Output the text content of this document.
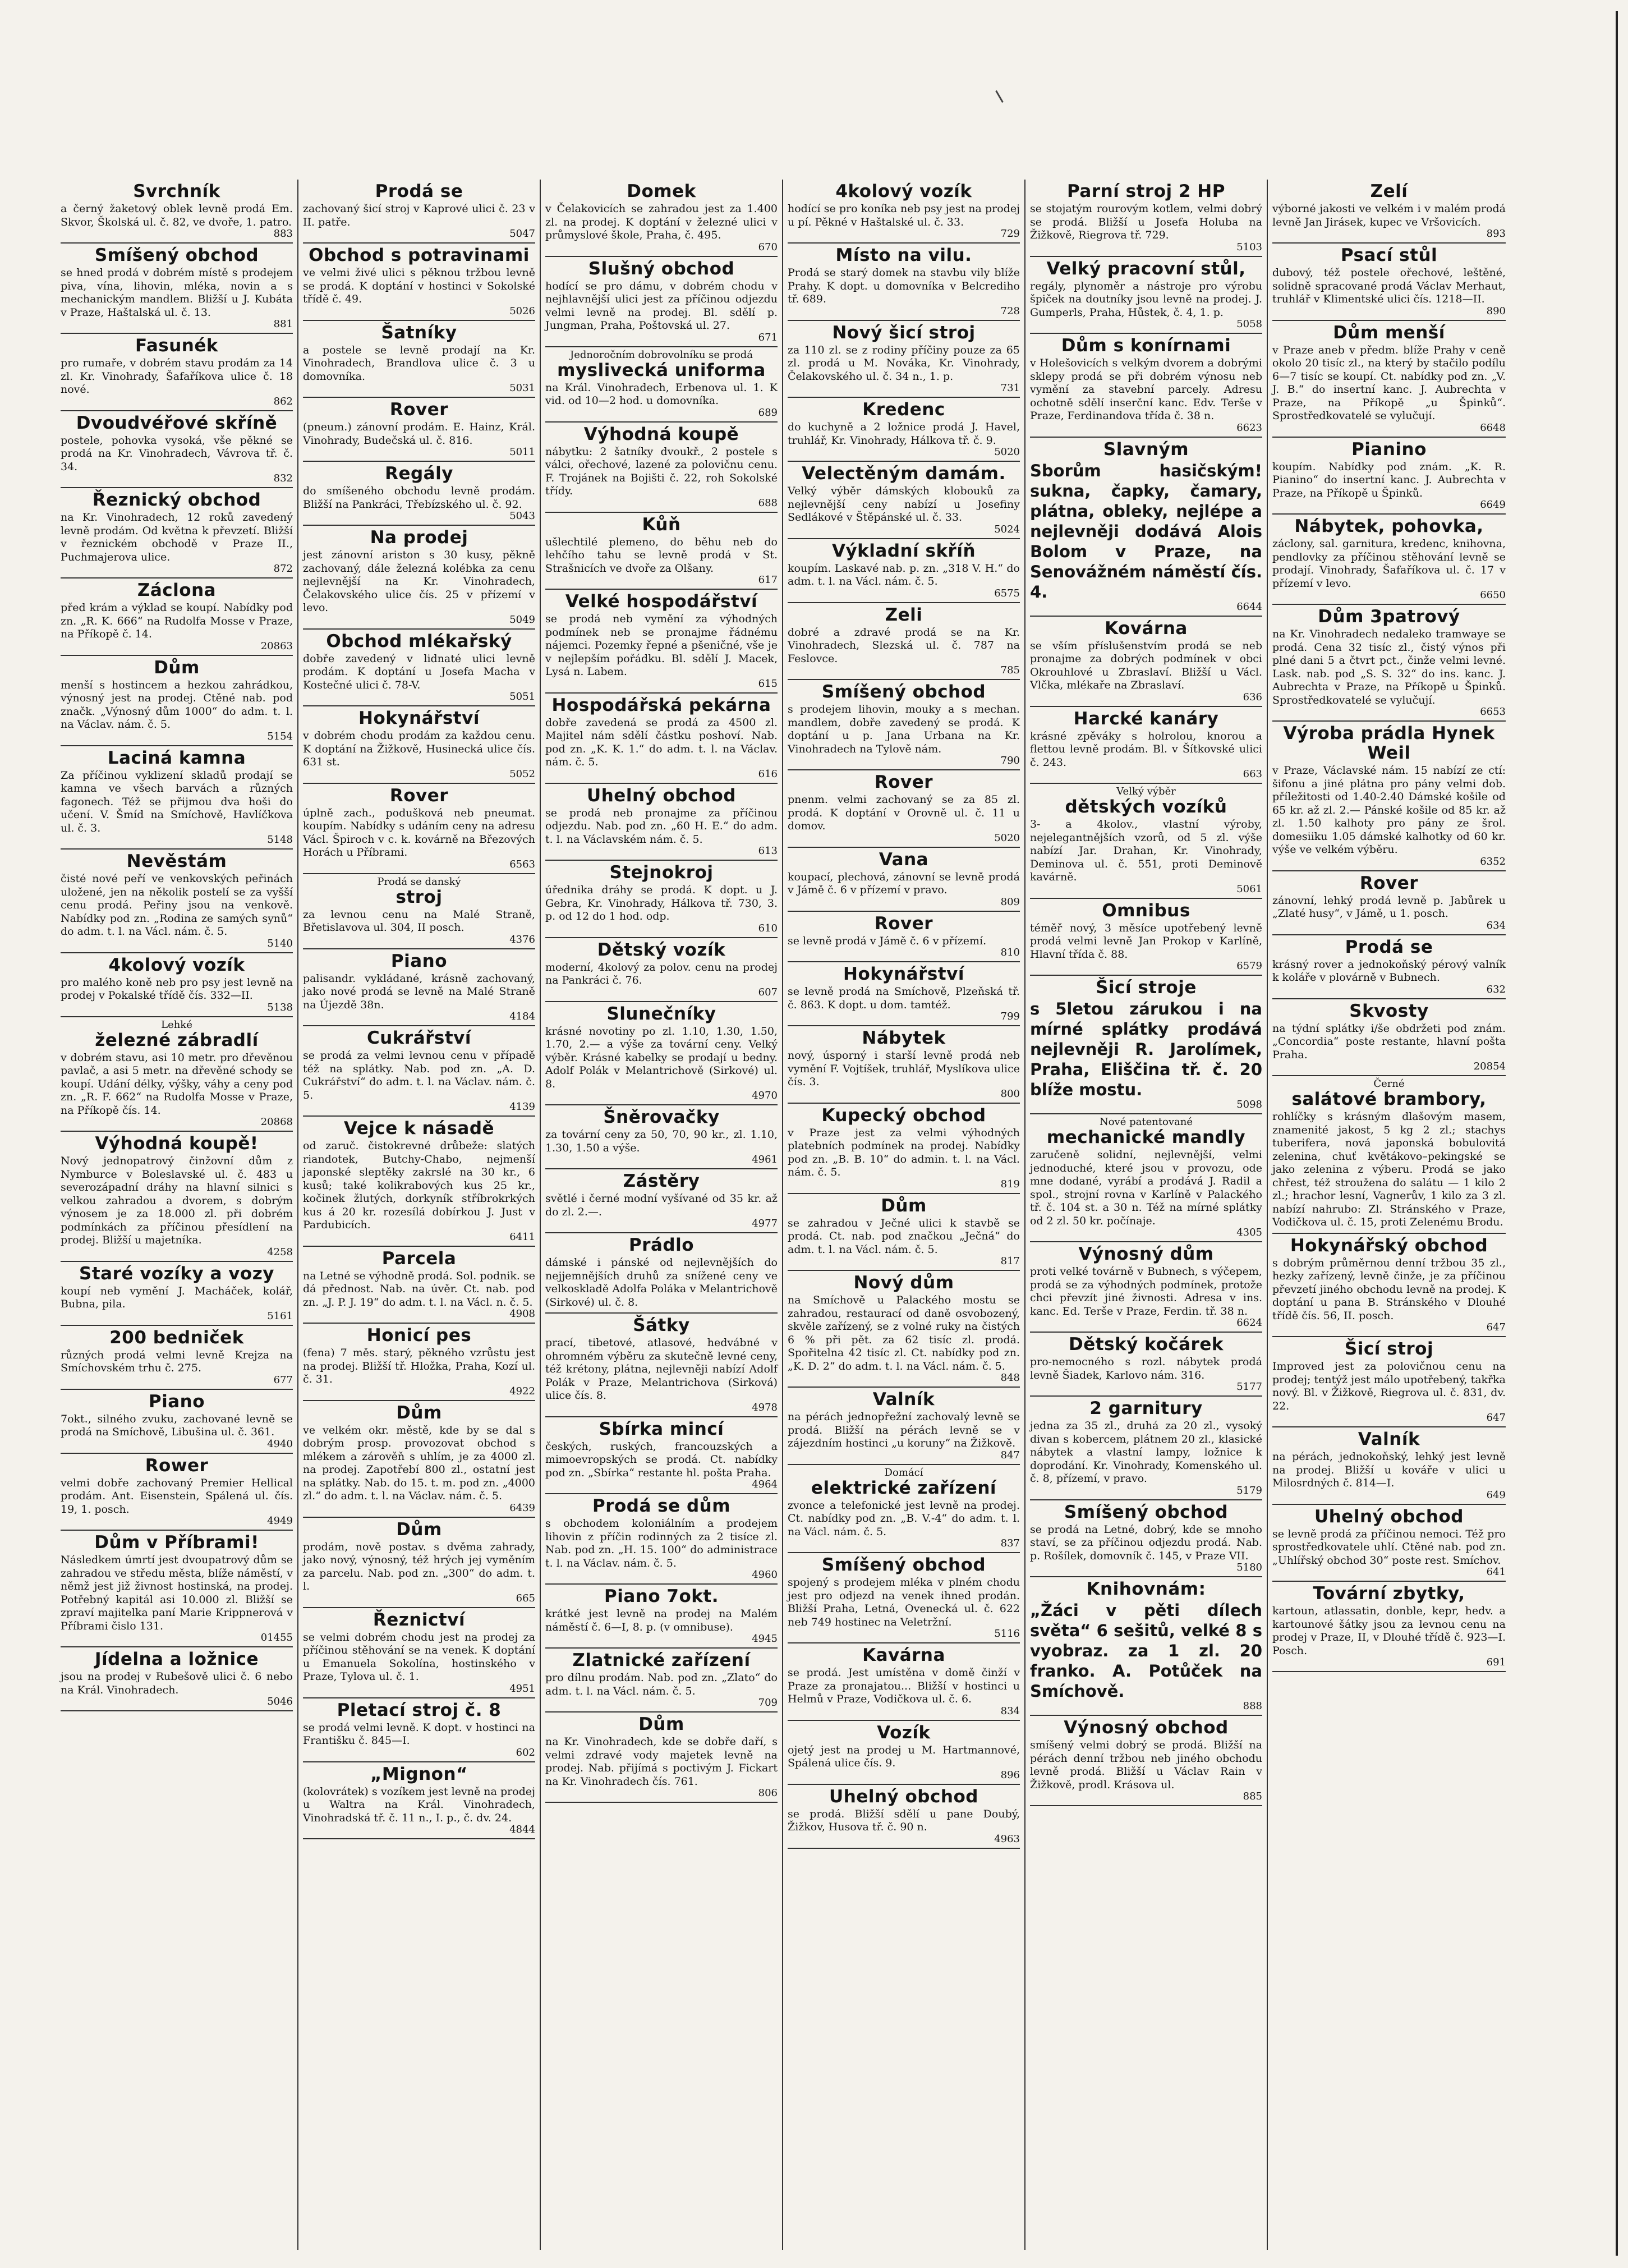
Svrchník

a černý žaketový oblek levně prodá Em. Skvor, Školská ul. č. 82, ve dvoře, 1. patro.

883
Smíšený obchod

se hned prodá v dobrém místě s prodejem piva, vína, lihovin, mléka, novin a s mechanickým mandlem. Bližší u J. Kubáta v Praze, Haštalská ul. č. 13.

881
Fasunék

pro rumaře, v dobrém stavu prodám za 14 zl. Kr. Vinohrady, Šafaříkova ulice č. 18 nové.

862
Dvoudvéřové skříně

postele, pohovka vysoká, vše pěkné se prodá na Kr. Vinohradech, Vávrova tř. č. 34.

832
Řeznický obchod

na Kr. Vinohradech, 12 roků zavedený levně prodám. Od května k převzetí. Bližší v řeznickém obchodě v Praze II., Puchmajerova ulice.

872
Záclona

před krám a výklad se koupí. Nabídky pod zn. „R. K. 666“ na Rudolfa Mosse v Praze, na Příkopě č. 14.

20863
Dům

menší s hostincem a hezkou zahrádkou, výnosný jest na prodej. Ctěné nab. pod značk. „Výnosný dům 1000“ do adm. t. l. na Václav. nám. č. 5.

5154
Laciná kamna

Za příčinou vyklizení skladů prodají se kamna ve všech barvách a různých fagonech. Též se přijmou dva hoši do učení. V. Šmíd na Smíchově, Havlíčkova ul. č. 3.

5148
Nevěstám

čisté nové peří ve venkovských peřinách uložené, jen na několik postelí se za vyšší cenu prodá. Peřiny jsou na venkově. Nabídky pod zn. „Rodina ze samých synů“ do adm. t. l. na Václ. nám. č. 5.

5140
4kolový vozík

pro malého koně neb pro psy jest levně na prodej v Pokalské třídě čís. 332—II.

5138
Lehké
železné zábradlí

v dobrém stavu, asi 10 metr. pro dřevěnou pavlač, a asi 5 metr. na dřevěné schody se koupí. Udání délky, výšky, váhy a ceny pod zn. „R. F. 662“ na Rudolfa Mosse v Praze, na Příkopě čís. 14.

20868
Výhodná koupě!

Nový jednopatrový činžovní dům z Nymburce v Boleslavské ul. č. 483 u severozápadní dráhy na hlavní silnici s velkou zahradou a dvorem, s dobrým výnosem je za 18.000 zl. při dobrém podmínkách za příčinou přesídlení na prodej. Bližší u majetníka.

4258
Staré vozíky a vozy

koupí neb vymění J. Macháček, kolář, Bubna, pila.

5161
200 bedniček

různých prodá velmi levně Krejza na Smíchovském trhu č. 275.

677
Piano

7okt., silného zvuku, zachované levně se prodá na Smíchově, Libušina ul. č. 361.

4940
Rower

velmi dobře zachovaný Premier Hellical prodám. Ant. Eisenstein, Spálená ul. čís. 19, 1. posch.

4949
Dům v Příbrami!

Následkem úmrtí jest dvoupatrový dům se zahradou ve středu města, blíže náměstí, v němž jest již živnost hostinská, na prodej. Potřebný kapitál asi 10.000 zl. Bližší se zpraví majitelka paní Marie Krippnerová v Příbrami čislo 131.

01455
Jídelna a ložnice

jsou na prodej v Rubešově ulici č. 6 nebo na Král. Vinohradech.

5046
Prodá se

zachovaný šicí stroj v Kaprové ulici č. 23 v II. patře.

5047
Obchod s potravinami

ve velmi živé ulici s pěknou tržbou levně se prodá. K doptání v hostinci v Sokolské třídě č. 49.

5026
Šatníky

a postele se levně prodají na Kr. Vinohradech, Brandlova ulice č. 3 u domovníka.

5031
Rover

(pneum.) zánovní prodám. E. Hainz, Král. Vinohrady, Budečská ul. č. 816.

5011
Regály

do smíšeného obchodu levně prodám. Bližší na Pankráci, Třebízského ul. č. 92.

5043
Na prodej

jest zánovní ariston s 30 kusy, pěkně zachovaný, dále železná kolébka za cenu nejlevnější na Kr. Vinohradech, Čelakovského ulice čís. 25 v přízemí v levo.

5049
Obchod mlékařský

dobře zavedený v lidnaté ulici levně prodám. K doptání u Josefa Macha v Kostečné ulici č. 78-V.

5051
Hokynářství

v dobrém chodu prodám za každou cenu. K doptání na Žižkově, Husinecká ulice čís. 631 st.

5052
Rover

úplně zach., podušková neb pneumat. koupím. Nabídky s udáním ceny na adresu Václ. Špiroch v c. k. kovárně na Březových Horách u Příbrami.

6563
Prodá se danský
stroj

za levnou cenu na Malé Straně, Břetislavova ul. 304, II posch.

4376
Piano

palisandr. vykládané, krásně zachovaný, jako nové prodá se levně na Malé Straně na Újezdě 38n.

4184
Cukrářství

se prodá za velmi levnou cenu v případě též na splátky. Nab. pod zn. „A. D. Cukrářství“ do adm. t. l. na Václav. nám. č. 5.

4139
Vejce k násadě

od zaruč. čistokrevné drůbeže: slatých riandotek, Butchy-Chabo, nejmenší japonské sleptěky zakrslé na 30 kr., 6 kusů; také kolikrabových kus 25 kr., kočinek žlutých, dorkyník stříbrokrkých kus á 20 kr. rozesílá dobírkou J. Just v Pardubicích.

6411
Parcela

na Letné se výhodně prodá. Sol. podnik. se dá přednost. Nab. na úvěr. Ct. nab. pod zn. „J. P. J. 19“ do adm. t. l. na Václ. n. č. 5.

4908
Honicí pes

(fena) 7 měs. starý, pěkného vzrůstu jest na prodej. Bližší tř. Hložka, Praha, Kozí ul. č. 31.

4922
Dům

ve velkém okr. městě, kde by se dal s dobrým prosp. provozovat obchod s mlékem a zárověň s uhlím, je za 4000 zl. na prodej. Zapotřebí 800 zl., ostatní jest na splátky. Nab. do 15. t. m. pod zn. „4000 zl.“ do adm. t. l. na Václav. nám. č. 5.

6439
Dům

prodám, nově postav. s dvěma zahrady, jako nový, výnosný, též hrých jej vyměním za parcelu. Nab. pod zn. „300“ do adm. t. l.

665
Řeznictví

se velmi dobrém chodu jest na prodej za příčinou stěhování se na venek. K doptání u Emanuela Sokolína, hostinského v Praze, Tylova ul. č. 1.

4951
Pletací stroj č. 8

se prodá velmi levně. K dopt. v hostinci na Františku č. 845—I.

602
„Mignon“

(kolovrátek) s vozíkem jest levně na prodej u Waltra na Král. Vinohradech, Vinohradská tř. č. 11 n., I. p., č. dv. 24.

4844
Domek

v Čelakovicích se zahradou jest za 1.400 zl. na prodej. K doptání v železné ulici v průmyslové škole, Praha, č. 495.

670
Slušný obchod

hodící se pro dámu, v dobrém chodu v nejhlavnější ulici jest za příčinou odjezdu velmi levně na prodej. Bl. sdělí p. Jungman, Praha, Poštovská ul. 27.

671
Jednoročním dobrovolníku se prodá
myslivecká uniforma

na Král. Vinohradech, Erbenova ul. 1. K vid. od 10—2 hod. u domovníka.

689
Výhodná koupě

nábytku: 2 šatníky dvoukř., 2 postele s válci, ořechové, lazené za polovičnu cenu. F. Trojánek na Bojišti č. 22, roh Sokolské třídy.

688
Kůň

ušlechtilé plemeno, do běhu neb do lehčího tahu se levně prodá v St. Strašnicích ve dvoře za Olšany.

617
Velké hospodářství

se prodá neb vymění za výhodných podmínek neb se pronajme řádnému nájemci. Pozemky řepné a pšeničné, vše je v nejlepším pořádku. Bl. sdělí J. Macek, Lysá n. Labem.

615
Hospodářská pekárna

dobře zavedená se prodá za 4500 zl. Majitel nám sdělí částku poshoví. Nab. pod zn. „K. K. 1.“ do adm. t. l. na Václav. nám. č. 5.

616
Uhelný obchod

se prodá neb pronajme za příčinou odjezdu. Nab. pod zn. „60 H. E.“ do adm. t. l. na Václavském nám. č. 5.

613
Stejnokroj

úřednika dráhy se prodá. K dopt. u J. Gebra, Kr. Vinohrady, Hálkova tř. 730, 3. p. od 12 do 1 hod. odp.

610
Dětský vozík

moderní, 4kolový za polov. cenu na prodej na Pankráci č. 76.

607
Slunečníky

krásné novotiny po zl. 1.10, 1.30, 1.50, 1.70, 2.— a výše za tovární ceny. Velký výběr. Krásné kabelky se prodají u bedny. Adolf Polák v Melantrichově (Sirkové) ul. 8.

4970
Šněrovačky

za tovární ceny za 50, 70, 90 kr., zl. 1.10, 1.30, 1.50 a výše.

4961
Zástěry

světlé i černé modní vyšívané od 35 kr. až do zl. 2.—.

4977
Prádlo

dámské i pánské od nejlevnějších do nejjemnějších druhů za snížené ceny ve velkoskladě Adolfa Poláka v Melantrichově (Sirkové) ul. č. 8.

Šátky

prací, tibetové, atlasové, hedvábné v ohromném výběru za skutečně levné ceny, též krétony, plátna, nejlevněji nabízí Adolf Polák v Praze, Melantrichova (Sirková) ulice čís. 8.

4978
Sbírka mincí

českých, ruských, francouzských a mimoevropských se prodá. Ct. nabídky pod zn. „Sbírka“ restante hl. pošta Praha.

4964
Prodá se dům

s obchodem koloniálním a prodejem lihovin z příčin rodinných za 2 tisíce zl. Nab. pod zn. „H. 15. 100“ do administrace t. l. na Václav. nám. č. 5.

4960
Piano 7okt.

krátké jest levně na prodej na Malém náměstí č. 6—I, 8. p. (v omnibuse).

4945
Zlatnické zařízení

pro dílnu prodám. Nab. pod zn. „Zlato“ do adm. t. l. na Václ. nám. č. 5.

709
Dům

na Kr. Vinohradech, kde se dobře daří, s velmi zdravé vody majetek levně na prodej. Nab. přijímá s poctivým J. Fickart na Kr. Vinohradech čís. 761.

806
4kolový vozík

hodící se pro koníka neb psy jest na prodej u pí. Pěkné v Haštalské ul. č. 33.

729
Místo na vilu.

Prodá se starý domek na stavbu vily blíže Prahy. K dopt. u domovníka v Belcrediho tř. 689.

728
Nový šicí stroj

za 110 zl. se z rodiny příčiny pouze za 65 zl. prodá u M. Nováka, Kr. Vinohrady, Čelakovského ul. č. 34 n., 1. p.

731
Kredenc

do kuchyně a 2 ložnice prodá J. Havel, truhlář, Kr. Vinohrady, Hálkova tř. č. 9.

5020
Velectěným damám.

Velký výběr dámských klobouků za nejlevnější ceny nabízí u Josefiny Sedlákové v Štěpánské ul. č. 33.

5024
Výkladní skříň

koupím. Laskavé nab. p. zn. „318 V. H.“ do adm. t. l. na Václ. nám. č. 5.

6575
Zeli

dobré a zdravé prodá se na Kr. Vinohradech, Slezská ul. č. 787 na Feslovce.

785
Smíšený obchod

s prodejem lihovin, mouky a s mechan. mandlem, dobře zavedený se prodá. K doptání u p. Jana Urbana na Kr. Vinohradech na Tylově nám.

790
Rover

pnenm. velmi zachovaný se za 85 zl. prodá. K doptání v Orovně ul. č. 11 u domov.

5020
Vana

koupací, plechová, zánovní se levně prodá v Jámě č. 6 v přízemí v pravo.

809
Rover

se levně prodá v Jámě č. 6 v přízemí.

810
Hokynářství

se levně prodá na Smíchově, Plzeňská tř. č. 863. K dopt. u dom. tamtéž.

799
Nábytek

nový, úsporný i starší levně prodá neb vymění F. Vojtíšek, truhlář, Myslíkova ulice čís. 3.

800
Kupecký obchod

v Praze jest za velmi výhodných platebních podmínek na prodej. Nabídky pod zn. „B. B. 10“ do admin. t. l. na Václ. nám. č. 5.

819
Dům

se zahradou v Ječné ulici k stavbě se prodá. Ct. nab. pod značkou „Ječná“ do adm. t. l. na Václ. nám. č. 5.

817
Nový dům

na Smíchově u Palackého mostu se zahradou, restaurací od daně osvobozený, skvěle zařízený, se z volné ruky na čistých 6 % při pět. za 62 tisíc zl. prodá. Spořitelna 42 tisíc zl. Ct. nabídky pod zn. „K. D. 2“ do adm. t. l. na Václ. nám. č. 5.

848
Valník

na pérách jednopřežní zachovalý levně se prodá. Bližší na pérách levně se v zájezdním hostinci „u koruny“ na Žižkově.

847
Domácí
elektrické zařízení

zvonce a telefonické jest levně na prodej. Ct. nabídky pod zn. „B. V.-4“ do adm. t. l. na Václ. nám. č. 5.

837
Smíšený obchod

spojený s prodejem mléka v plném chodu jest pro odjezd na venek ihned prodán. Bližší Praha, Letná, Ovenecká ul. č. 622 neb 749 hostinec na Veletržní.

5116
Kavárna

se prodá. Jest umístěna v domě činží v Praze za pronajatou... Bližší v hostinci u Helmů v Praze, Vodičkova ul. č. 6.

834
Vozík

ojetý jest na prodej u M. Hartmannové, Spálená ulice čís. 9.

896
Uhelný obchod

se prodá. Bližší sdělí u pane Doubý, Žižkov, Husova tř. č. 90 n.

4963
Parní stroj 2 HP

se stojatým rourovým kotlem, velmi dobrý se prodá. Bližší u Josefa Holuba na Žižkově, Riegrova tř. 729.

5103
Velký pracovní stůl,

regály, plynoměr a nástroje pro výrobu špiček na doutníky jsou levně na prodej. J. Gumperls, Praha, Hůstek, č. 4, 1. p.

5058
Dům s konírnami

v Holešovicích s velkým dvorem a dobrými sklepy prodá se při dobrém výnosu neb vymění za stavební parcely. Adresu ochotně sdělí inserční kanc. Edv. Terše v Praze, Ferdinandova třída č. 38 n.

6623
Slavným

Sborům hasičským! sukna, čapky, čamary, plátna, obleky, nejlépe a nejlevněji dodává Alois Bolom v Praze, na Senovážném náměstí čís. 4.

6644
Kovárna

se vším příslušenstvím prodá se neb pronajme za dobrých podmínek v obci Okrouhlové u Zbraslaví. Bližší u Václ. Vlčka, mlékaře na Zbraslaví.

636
Harcké kanáry

krásné zpěváky s holrolou, knorou a flettou levně prodám. Bl. v Šítkovské ulici č. 243.

663
Velký výběr
dětských vozíků

3- a 4kolov., vlastní výroby, nejelegantnějších vzorů, od 5 zl. výše nabízí Jar. Drahan, Kr. Vinohrady, Deminova ul. č. 551, proti Deminově kavárně.

5061
Omnibus

téměř nový, 3 měsíce upotřebený levně prodá velmi levně Jan Prokop v Karlíně, Hlavní třída č. 88.

6579
Šicí stroje

s 5letou zárukou i na mírné splátky prodává nejlevněji R. Jarolímek, Praha, Eliščina tř. č. 20 blíže mostu.

5098
Nové patentované
mechanické mandly

zaručeně solidní, nejlevnější, velmi jednoduché, které jsou v provozu, ode mne dodané, vyrábí a prodává J. Radil a spol., strojní rovna v Karlíně v Palackého tř. č. 104 st. a 30 n. Též na mírné splátky od 2 zl. 50 kr. počínaje.

4305
Výnosný dům

proti velké továrně v Bubnech, s výčepem, prodá se za výhodných podmínek, protože chci převzít jiné živnosti. Adresa v ins. kanc. Ed. Terše v Praze, Ferdin. tř. 38 n.

6624
Dětský kočárek

pro-nemocného s rozl. nábytek prodá levně Šiadek, Karlovo nám. 316.

5177
2 garnitury

jedna za 35 zl., druhá za 20 zl., vysoký divan s kobercem, plátnem 20 zl., klasické nábytek a vlastní lampy, ložnice k doprodání. Kr. Vinohrady, Komenského ul. č. 8, přízemí, v pravo.

5179
Smíšený obchod

se prodá na Letné, dobrý, kde se mnoho staví, se za příčinou odjezdu prodá. Nab. p. Rošílek, domovník č. 145, v Praze VII.

5180
Knihovnám:

„Žáci v pěti dílech světa“ 6 sešitů, velké 8 s vyobraz. za 1 zl. 20 franko. A. Potůček na Smíchově.

888
Výnosný obchod

smíšený velmi dobrý se prodá. Bližší na pérách denní tržbou neb jiného obchodu levně prodá. Bližší u Václav Rain v Žižkově, prodl. Krásova ul.

885
Zelí

výborné jakosti ve velkém i v malém prodá levně Jan Jirásek, kupec ve Vršovicích.

893
Psací stůl

dubový, též postele ořechové, leštěné, solidně spracované prodá Václav Merhaut, truhlář v Klimentské ulici čís. 1218—II.

890
Dům menší

v Praze aneb v předm. blíže Prahy v ceně okolo 20 tisíc zl., na který by stačilo podílu 6—7 tisíc se koupí. Ct. nabídky pod zn. „V. J. B.“ do insertní kanc. J. Aubrechta v Praze, na Příkopě „u Špinků“. Sprostředkovatelé se vylučují.

6648
Pianino

koupím. Nabídky pod znám. „K. R. Pianino“ do insertní kanc. J. Aubrechta v Praze, na Příkopě u Špinků.

6649
Nábytek, pohovka,

záclony, sal. garnitura, kredenc, knihovna, pendlovky za příčinou stěhování levně se prodají. Vinohrady, Šafaříkova ul. č. 17 v přízemí v levo.

6650
Dům 3patrový

na Kr. Vinohradech nedaleko tramwaye se prodá. Cena 32 tisíc zl., čistý výnos při plné dani 5 a čtvrt pct., činže velmi levné. Lask. nab. pod „S. S. 32“ do ins. kanc. J. Aubrechta v Praze, na Příkopě u Špinků. Sprostředkovatelé se vylučují.

6653
Výroba prádla Hynek Weil

v Praze, Václavské nám. 15 nabízí ze ctí: šifonu a jiné plátna pro pány velmi dob. příležitosti od 1.40-2.40 Dámské košile od 65 kr. až zl. 2.— Pánské košile od 85 kr. až zl. 1.50 kalhoty pro pány ze šrol. domesiiku 1.05 dámské kalhotky od 60 kr. výše ve velkém výběru.

6352
Rover

zánovní, lehký prodá levně p. Jabůrek u „Zlaté husy“, v Jámě, u 1. posch.

634
Prodá se

krásný rover a jednokoňský pérový valník k koláře v plovárně v Bubnech.

632
Skvosty

na týdní splátky i/še obdržeti pod znám. „Concordia“ poste restante, hlavní pošta Praha.

20854
Černé
salátové brambory,

rohlíčky s krásným dlašovým masem, znamenité jakost, 5 kg 2 zl.; stachys tuberifera, nová japonská bobulovitá zelenina, chuť květákovo–pekingské se jako zelenina z výberu. Prodá se jako chřest, též stroužena do salátu — 1 kilo 2 zl.; hrachor lesní, Vagnerův, 1 kilo za 3 zl. nabízí nahrubo: Zl. Stránského v Praze, Vodičkova ul. č. 15, proti Zelenému Brodu.

Hokynářský obchod

s dobrým průměrnou denní tržbou 35 zl., hezky zařízený, levně činže, je za příčinou převzetí jiného obchodu levně na prodej. K doptání u pana B. Stránského v Dlouhé třídě čís. 56, II. posch.

647
Šicí stroj

Improved jest za polovičnou cenu na prodej; tentýž jest málo upotřebený, takřka nový. Bl. v Žižkově, Riegrova ul. č. 831, dv. 22.

647
Valník

na pérách, jednokoňský, lehký jest levně na prodej. Bližší u kováře v ulici u Milosrdných č. 814—I.

649
Uhelný obchod

se levně prodá za příčinou nemoci. Též pro sprostředkovatele uhlí. Ctěné nab. pod zn. „Uhlířský obchod 30“ poste rest. Smíchov.

641
Tovární zbytky,

kartoun, atlassatin, donble, kepr, hedv. a kartounové šátky jsou za levnou cenu na prodej v Praze, II, v Dlouhé třídě č. 923—I. Posch.

691
